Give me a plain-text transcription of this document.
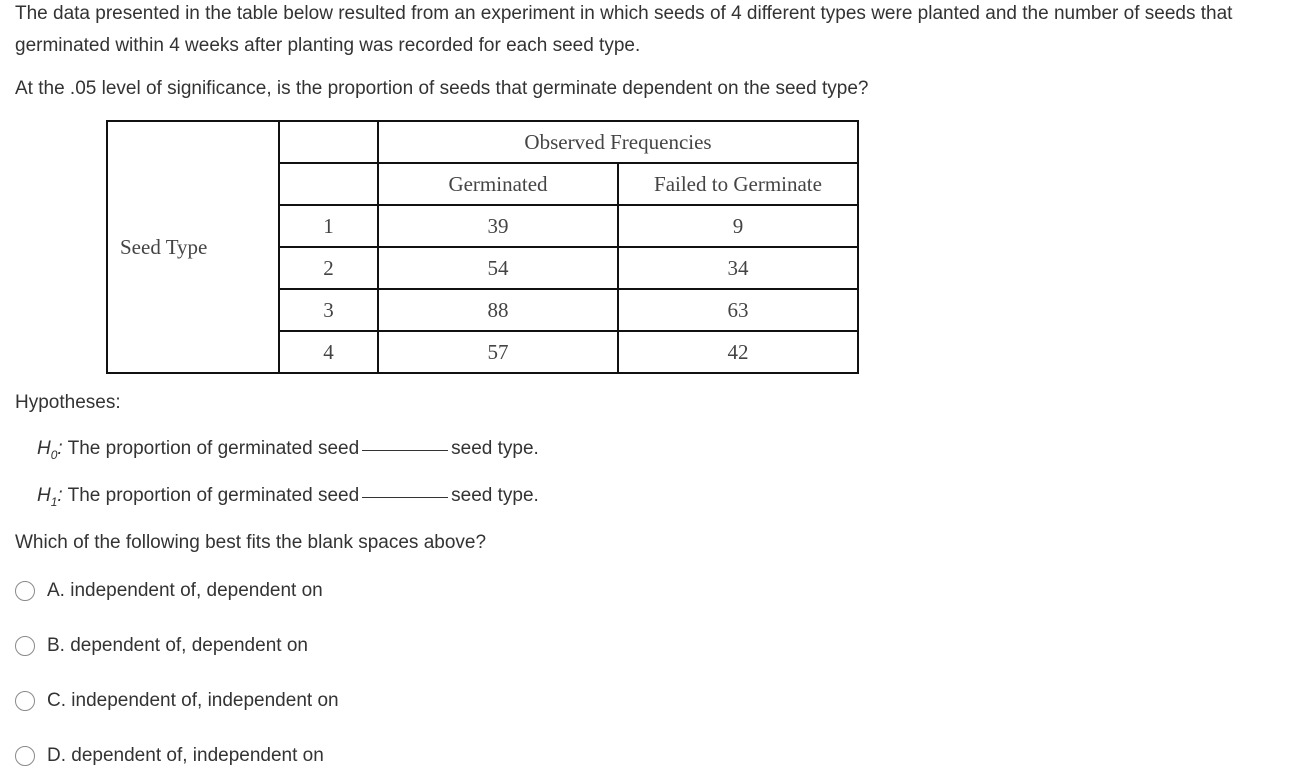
The data presented in the table below resulted from an experiment in which seeds of 4 different types were planted and the number of seeds that germinated within 4 weeks after planting was recorded for each seed type.

At the .05 level of significance, is the proportion of seeds that germinate dependent on the seed type?

Seed Type		Observed Frequencies	
		Germinated	Failed to Germinate
	1	39	9
	2	54	34
	3	88	63
	4	57	42

Hypotheses:

$H_0$: The proportion of germinated seed	seed type.

$H_1$: The proportion of germinated seed	seed type.

Which of the following best fits the blank spaces above?

A. independent of, dependent on
B. dependent of, dependent on
C. independent of, independent on
D. dependent of, independent on
